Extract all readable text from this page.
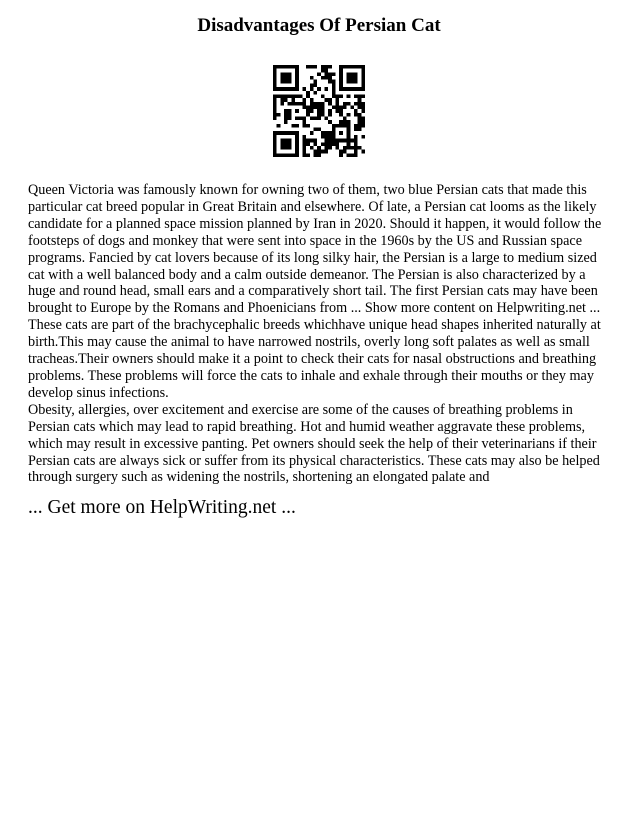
Disadvantages Of Persian Cat

Queen Victoria was famously known for owning two of them, two blue Persian cats that made this particular cat breed popular in Great Britain and elsewhere. Of late, a Persian cat looms as the likely candidate for a planned space mission planned by Iran in 2020. Should it happen, it would follow the footsteps of dogs and monkey that were sent into space in the 1960s by the US and Russian space programs. Fancied by cat lovers because of its long silky hair, the Persian is a large to medium sized cat with a well balanced body and a calm outside demeanor. The Persian is also characterized by a huge and round head, small ears and a comparatively short tail. The first Persian cats may have been brought to Europe by the Romans and Phoenicians from ... Show more content on Helpwriting.net ... These cats are part of the brachycephalic breeds whichhave unique head shapes inherited naturally at birth.This may cause the animal to have narrowed nostrils, overly long soft palates as well as small tracheas.Their owners should make it a point to check their cats for nasal obstructions and breathing problems. These problems will force the cats to inhale and exhale through their mouths or they may develop sinus infections.

Obesity, allergies, over excitement and exercise are some of the causes of breathing problems in Persian cats which may lead to rapid breathing. Hot and humid weather aggravate these problems, which may result in excessive panting. Pet owners should seek the help of their veterinarians if their Persian cats are always sick or suffer from its physical characteristics. These cats may also be helped through surgery such as widening the nostrils, shortening an elongated palate and

... Get more on HelpWriting.net ...
